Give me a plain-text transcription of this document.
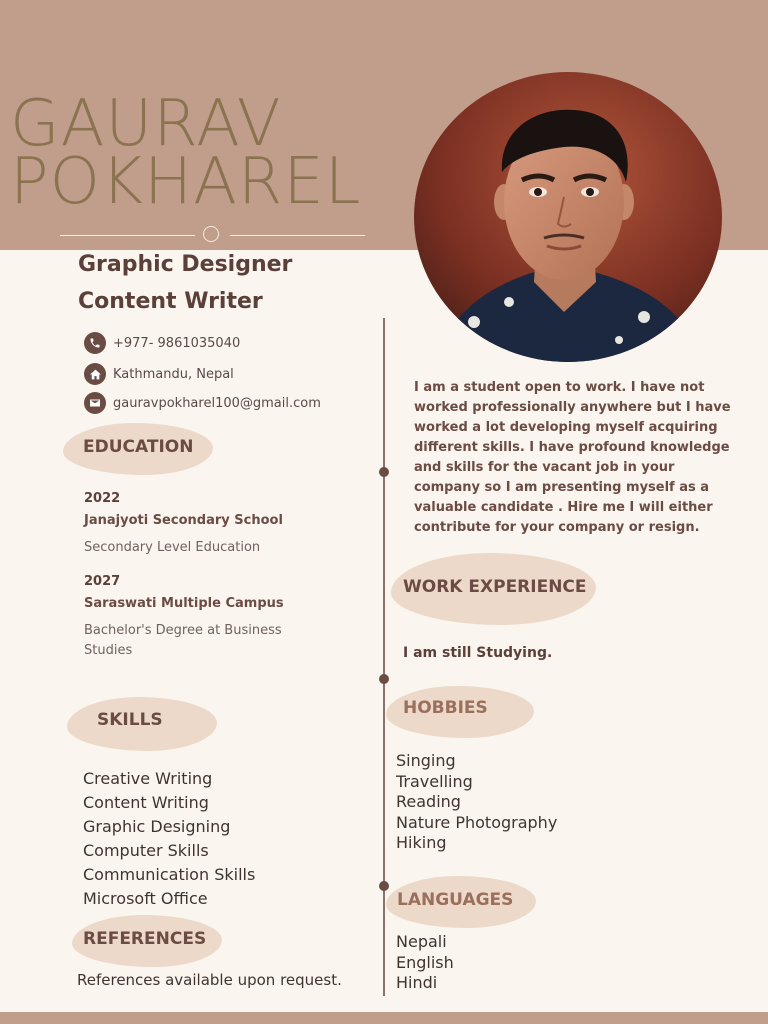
GAURAV
POKHAREL
Graphic Designer
Content Writer
+977- 9861035040
Kathmandu, Nepal
gauravpokharel100@gmail.com
EDUCATION
2022
Janajyoti Secondary School
Secondary Level Education
2027
Saraswati Multiple Campus
Bachelor's Degree at Business Studies
SKILLS
Creative Writing
Content Writing
Graphic Designing
Computer Skills
Communication Skills
Microsoft Office
REFERENCES
References available upon request.
I am a student open to work. I have not worked professionally anywhere but I have worked a lot developing myself acquiring different skills. I have profound knowledge and skills for the vacant job in your company so I am presenting myself as a valuable candidate . Hire me I will either contribute for your company or resign.
WORK EXPERIENCE
I am still Studying.
HOBBIES
Singing
Travelling
Reading
Nature Photography
Hiking
LANGUAGES
Nepali
English
Hindi
